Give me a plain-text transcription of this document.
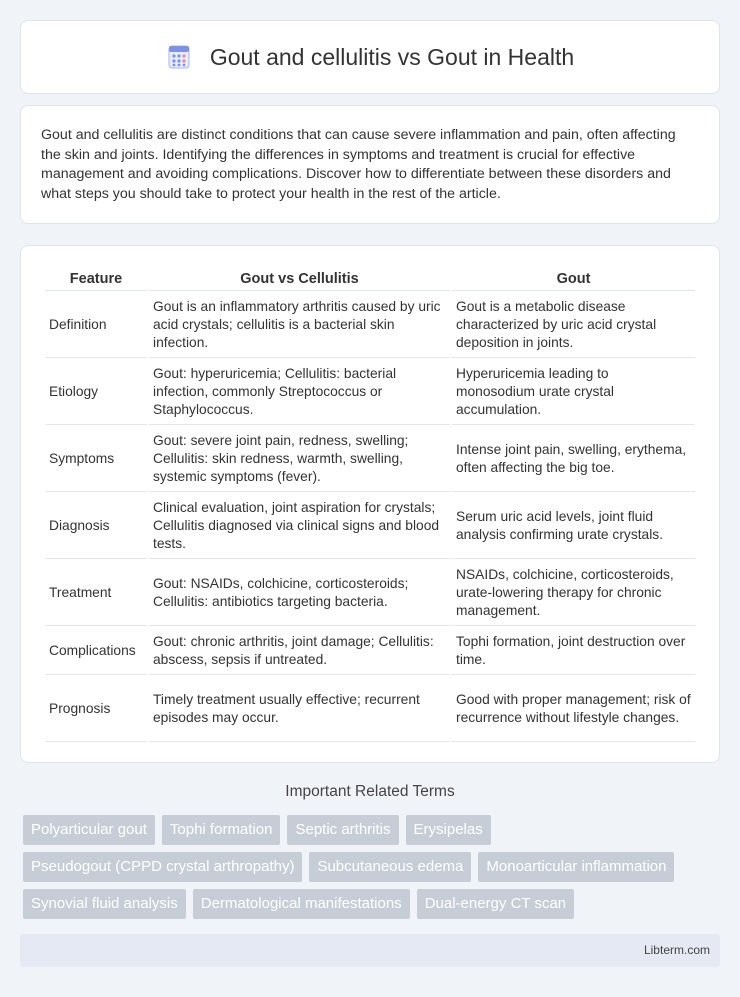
Gout and cellulitis vs Gout in Health

Gout and cellulitis are distinct conditions that can cause severe inflammation and pain, often affecting the skin and joints. Identifying the differences in symptoms and treatment is crucial for effective management and avoiding complications. Discover how to differentiate between these disorders and what steps you should take to protect your health in the rest of the article.

Feature	Gout vs Cellulitis	Gout
Definition	Gout is an inflammatory arthritis caused by uric acid crystals; cellulitis is a bacterial skin infection.	Gout is a metabolic disease characterized by uric acid crystal deposition in joints.
Etiology	Gout: hyperuricemia; Cellulitis: bacterial infection, commonly Streptococcus or Staphylococcus.	Hyperuricemia leading to monosodium urate crystal accumulation.
Symptoms	Gout: severe joint pain, redness, swelling; Cellulitis: skin redness, warmth, swelling, systemic symptoms (fever).	Intense joint pain, swelling, erythema, often affecting the big toe.
Diagnosis	Clinical evaluation, joint aspiration for crystals; Cellulitis diagnosed via clinical signs and blood tests.	Serum uric acid levels, joint fluid analysis confirming urate crystals.
Treatment	Gout: NSAIDs, colchicine, corticosteroids; Cellulitis: antibiotics targeting bacteria.	NSAIDs, colchicine, corticosteroids, urate-lowering therapy for chronic management.
Complications	Gout: chronic arthritis, joint damage; Cellulitis: abscess, sepsis if untreated.	Tophi formation, joint destruction over time.
Prognosis	Timely treatment usually effective; recurrent episodes may occur.	Good with proper management; risk of recurrence without lifestyle changes.
Important Related Terms
Polyarticular gout	Tophi formation	Septic arthritis	Erysipelas
Pseudogout (CPPD crystal arthropathy)	Subcutaneous edema	Monoarticular inflammation
Synovial fluid analysis	Dermatological manifestations	Dual-energy CT scan
Libterm.com
